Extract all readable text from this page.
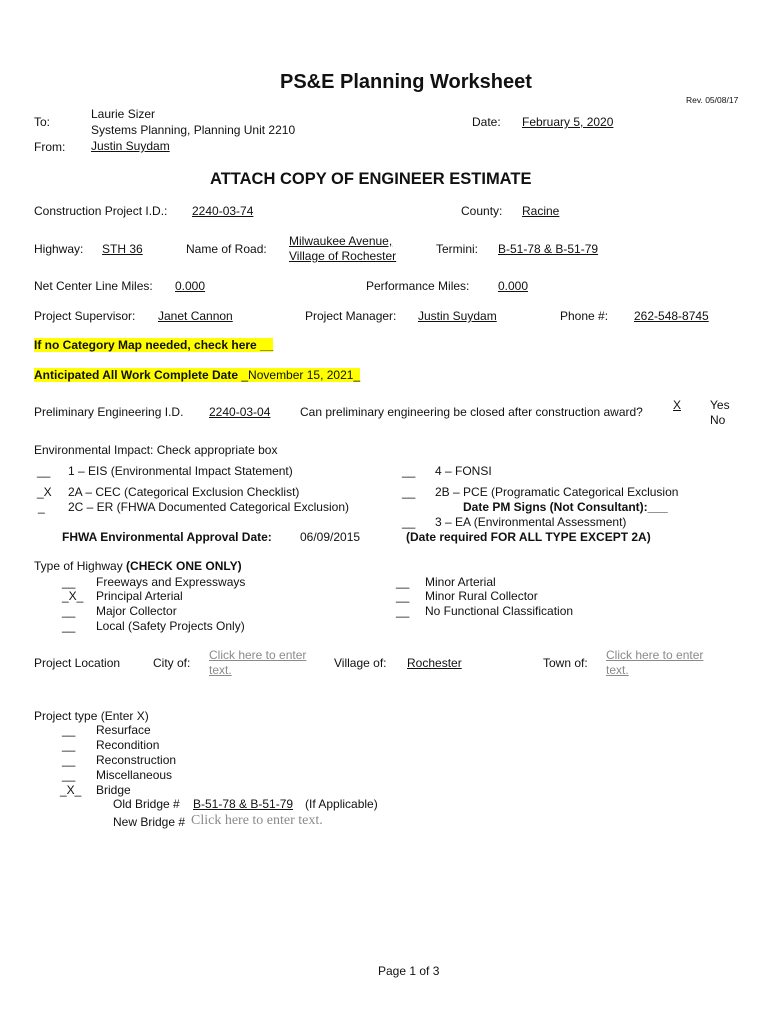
PS&E Planning Worksheet
Rev. 05/08/17
To:
Laurie Sizer
Systems Planning, Planning Unit 2210
From: Justin Suydam
Date: February 5, 2020
ATTACH COPY OF ENGINEER ESTIMATE
Construction Project I.D.: 2240-03-74	County: Racine
Highway: STH 36	Name of Road:
Milwaukee Avenue,
Village of Rochester	Termini: B-51-78 & B-51-79
Net Center Line Miles: 0.000	Performance Miles: 0.000
Project Supervisor: Janet Cannon	Project Manager: Justin Suydam	Phone #: 262-548-8745
If no Category Map needed, check here __
Anticipated All Work Complete Date _November 15, 2021_
Preliminary Engineering I.D. 2240-03-04 Can preliminary engineering be closed after construction award?	X Yes
No
Environmental Impact: Check appropriate box
__ 1 – EIS (Environmental Impact Statement)
_X 2A – CEC (Categorical Exclusion Checklist)
_ 2C – ER (FHWA Documented Categorical Exclusion)
FHWA Environmental Approval Date: 06/09/2015
__ 4 – FONSI
__ 2B – PCE (Programatic Categorical Exclusion
Date PM Signs (Not Consultant):___
__ 3 – EA (Environmental Assessment)
(Date required FOR ALL TYPE EXCEPT 2A)
Type of Highway (CHECK ONE ONLY)
__ Freeways and Expressways
_X_ Principal Arterial
__ Major Collector
__ Local (Safety Projects Only)
__ Minor Arterial
__ Minor Rural Collector
__ No Functional Classification
Project Location	City of:
Click here to enter
text.	Village of: Rochester	Town of:
Click here to enter
text.
Project type (Enter X)
__ Resurface
__ Recondition
__ Reconstruction
__ Miscellaneous
_X_ Bridge
Old Bridge # B-51-78 & B-51-79 (If Applicable)
New Bridge # Click here to enter text.
Page 1 of 3
